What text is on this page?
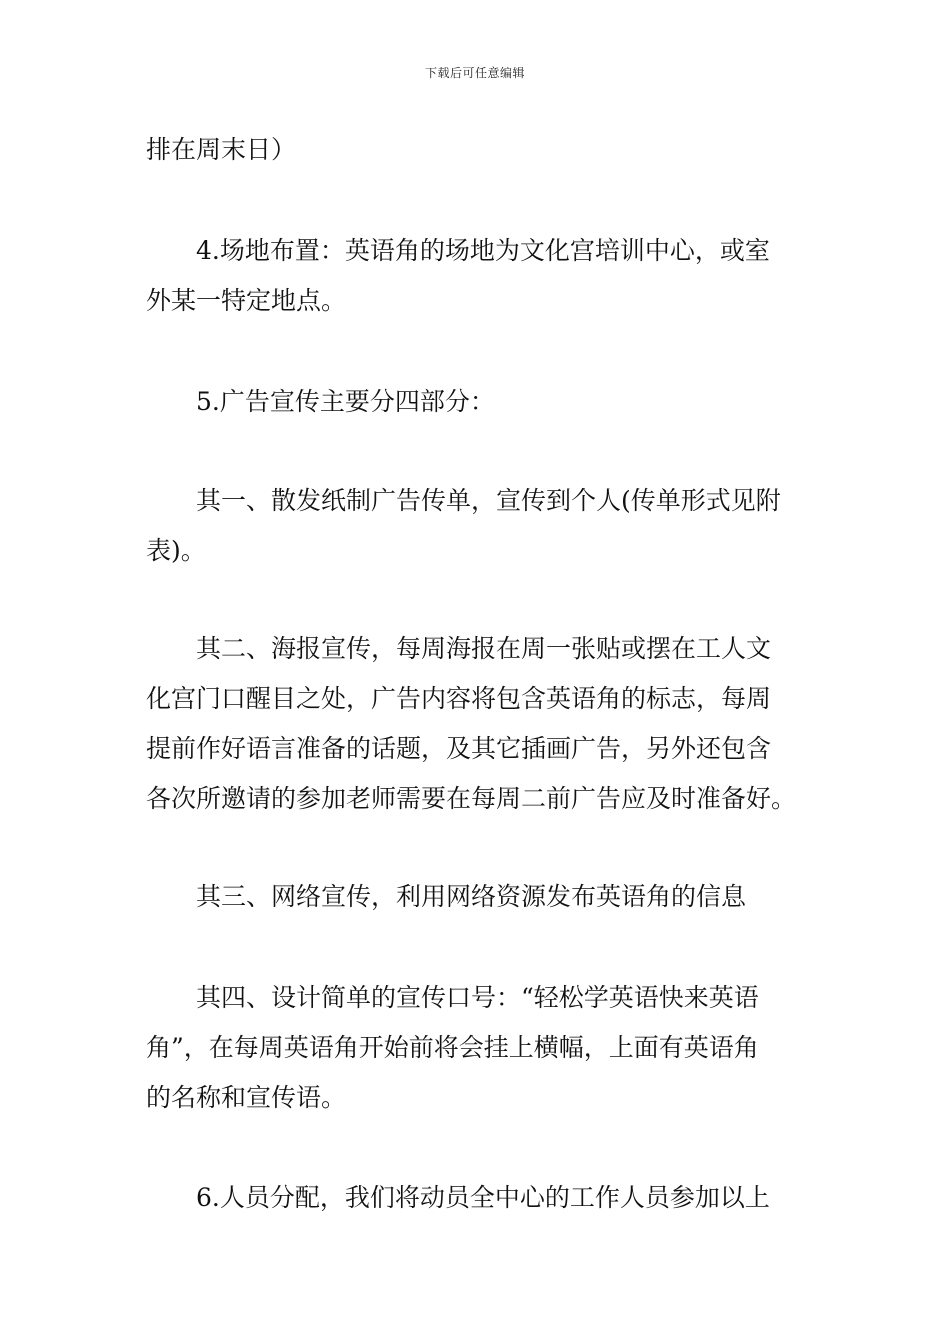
下载后可任意编辑
排在周末日）
4.场地布置：英语角的场地为文化宫培训中心，或室
外某一特定地点。
5.广告宣传主要分四部分：
其一、散发纸制广告传单，宣传到个人(传单形式见附
表)。
其二、海报宣传，每周海报在周一张贴或摆在工人文
化宫门口醒目之处，广告内容将包含英语角的标志，每周
提前作好语言准备的话题，及其它插画广告，另外还包含
各次所邀请的参加老师需要在每周二前广告应及时准备好。
其三、网络宣传，利用网络资源发布英语角的信息
其四、设计简单的宣传口号：“轻松学英语快来英语
角”，在每周英语角开始前将会挂上横幅，上面有英语角
的名称和宣传语。
6.人员分配，我们将动员全中心的工作人员参加以上
